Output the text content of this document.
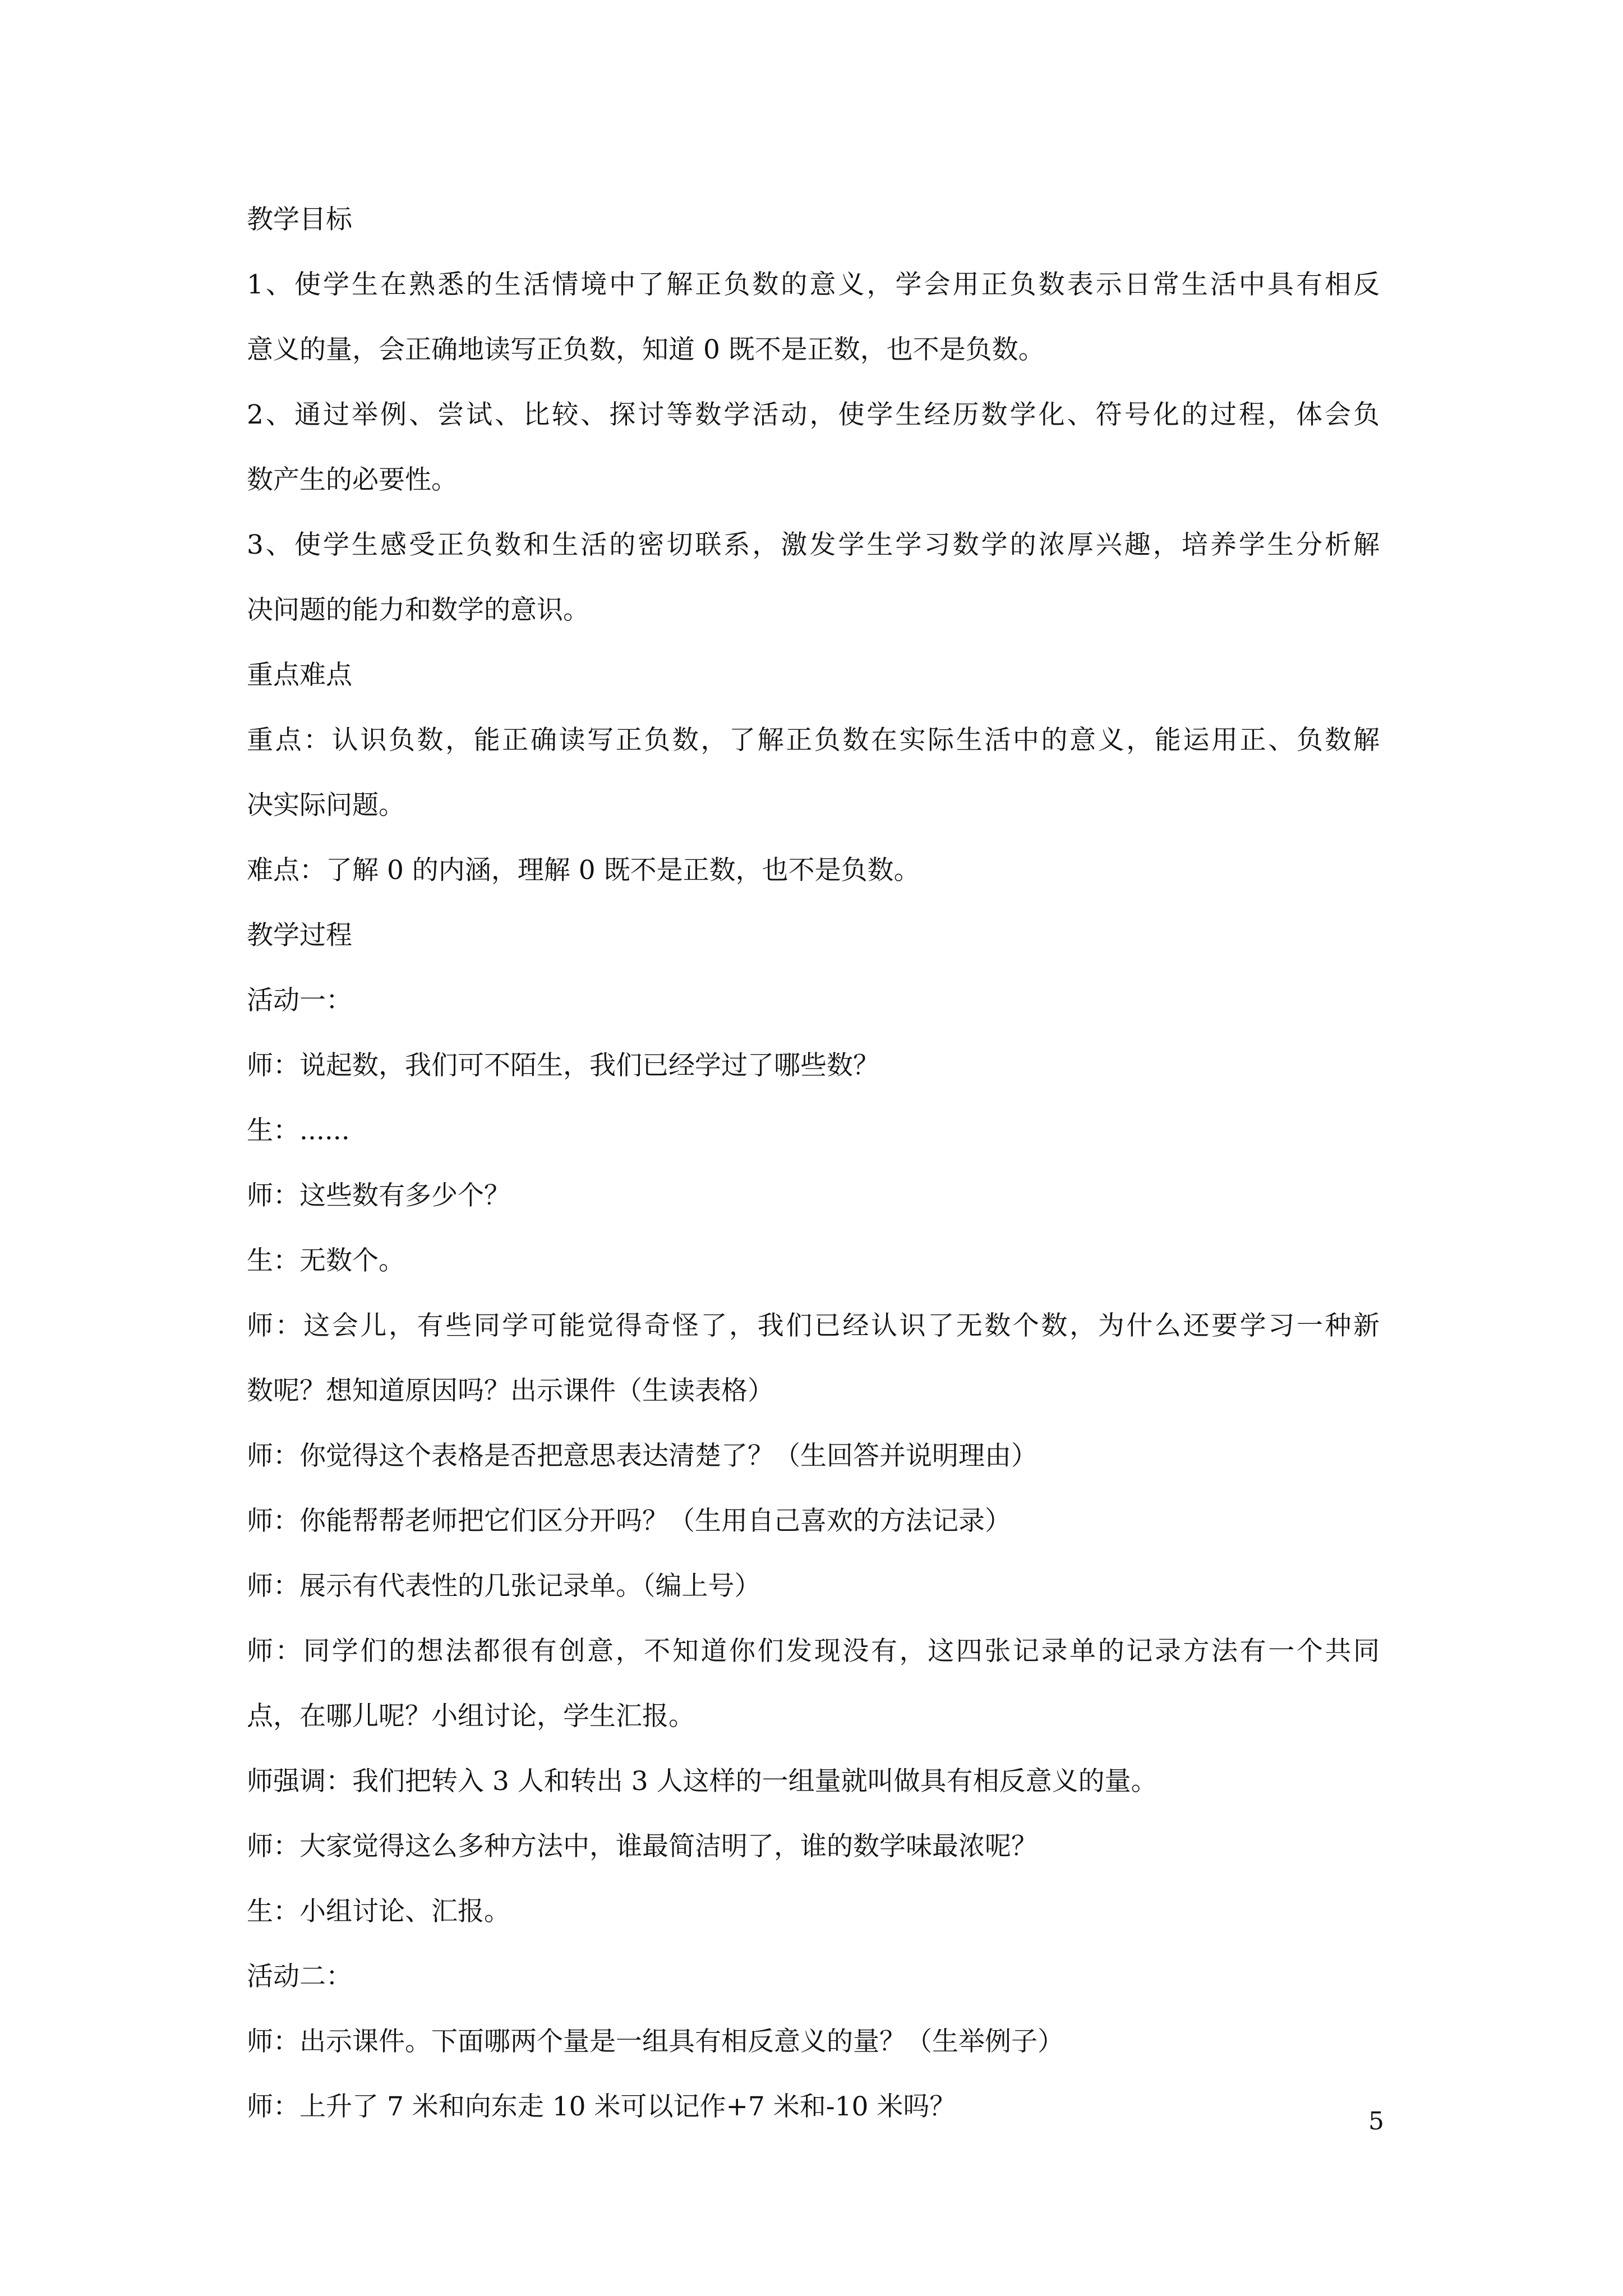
教学目标
1、使学生在熟悉的生活情境中了解正负数的意义，学会用正负数表示日常生活中具有相反
意义的量，会正确地读写正负数，知道 0 既不是正数，也不是负数。
2、通过举例、尝试、比较、探讨等数学活动，使学生经历数学化、符号化的过程，体会负
数产生的必要性。
3、使学生感受正负数和生活的密切联系，激发学生学习数学的浓厚兴趣，培养学生分析解
决问题的能力和数学的意识。
重点难点
重点：认识负数，能正确读写正负数，了解正负数在实际生活中的意义，能运用正、负数解
决实际问题。
难点：了解 0 的内涵，理解 0 既不是正数，也不是负数。
教学过程
活动一：
师：说起数，我们可不陌生，我们已经学过了哪些数？
生：......
师：这些数有多少个？
生：无数个。
师：这会儿，有些同学可能觉得奇怪了，我们已经认识了无数个数，为什么还要学习一种新
数呢？想知道原因吗？出示课件（生读表格）
师：你觉得这个表格是否把意思表达清楚了？（生回答并说明理由）
师：你能帮帮老师把它们区分开吗？（生用自己喜欢的方法记录）
师：展示有代表性的几张记录单。（编上号）
师：同学们的想法都很有创意，不知道你们发现没有，这四张记录单的记录方法有一个共同
点，在哪儿呢？小组讨论，学生汇报。
师强调：我们把转入 3 人和转出 3 人这样的一组量就叫做具有相反意义的量。
师：大家觉得这么多种方法中，谁最简洁明了，谁的数学味最浓呢？
生：小组讨论、汇报。
活动二：
师：出示课件。下面哪两个量是一组具有相反意义的量？（生举例子）
师：上升了 7 米和向东走 10 米可以记作+7 米和-10 米吗？	5
